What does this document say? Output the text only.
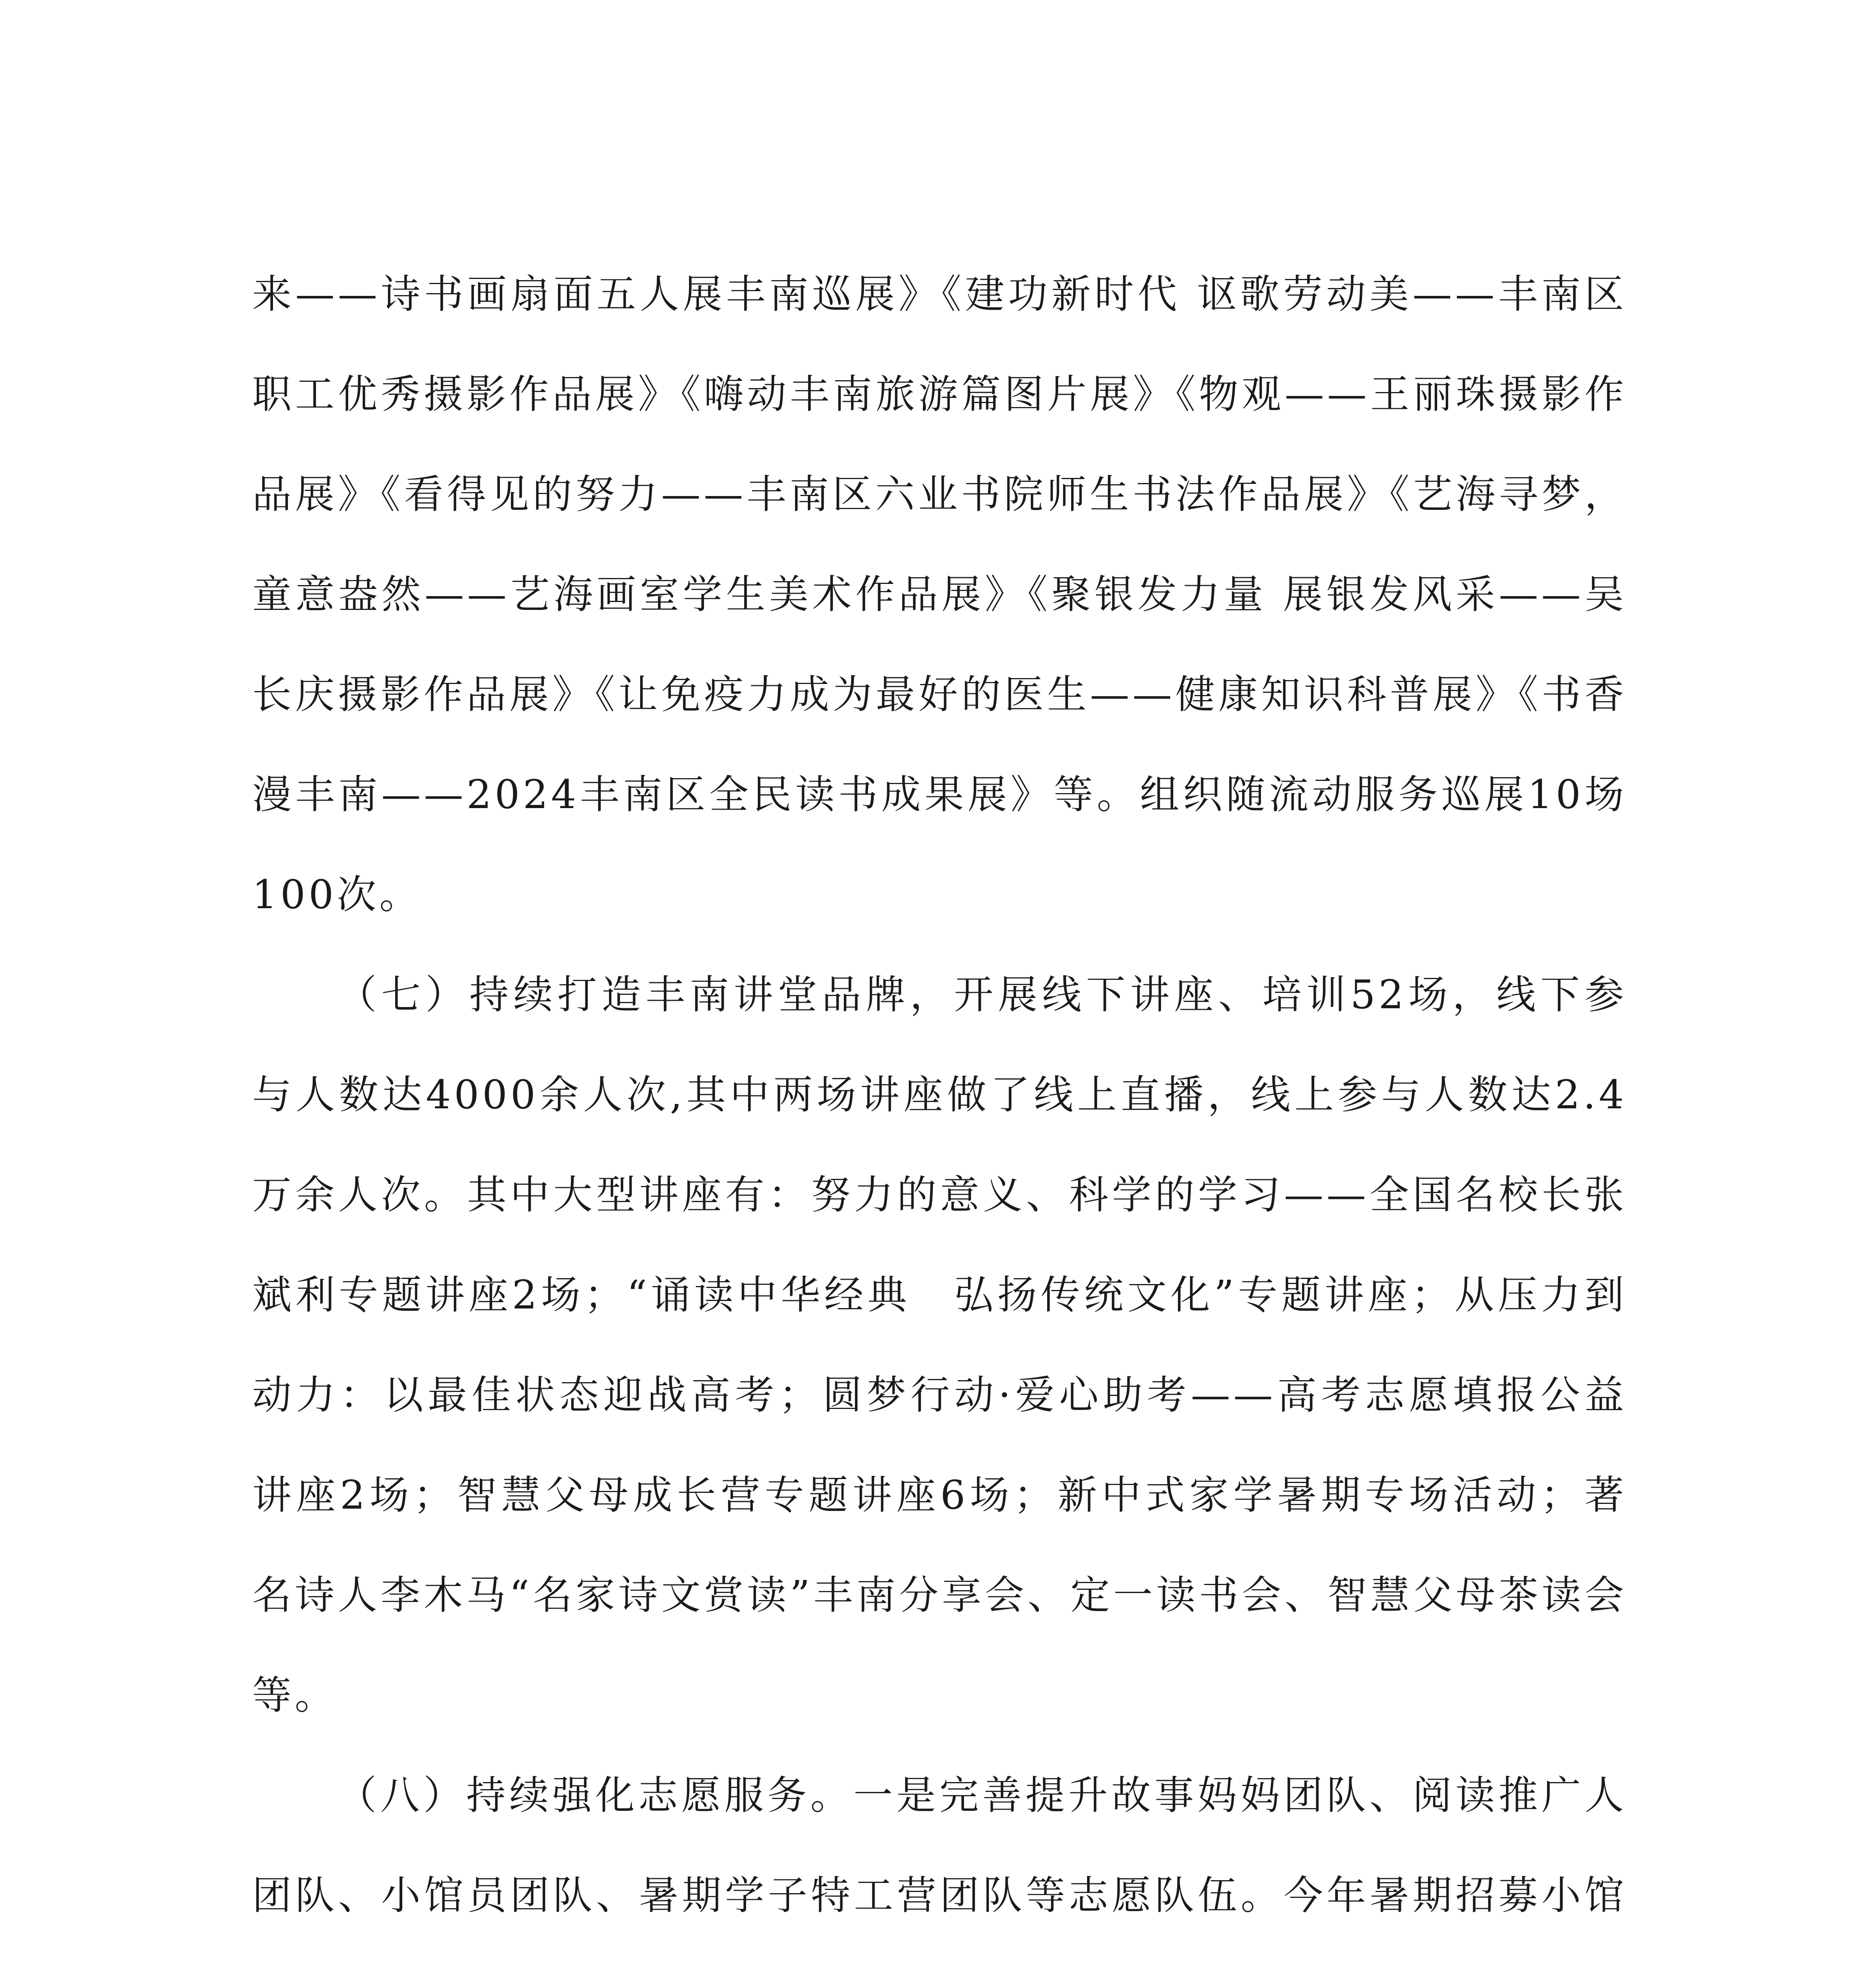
来——诗书画扇面五人展丰南巡展》《建功新时代 讴歌劳动美——丰南区职工优秀摄影作品展》《嗨动丰南旅游篇图片展》《物观——王丽珠摄影作品展》《看得见的努力——丰南区六业书院师生书法作品展》《艺海寻梦，童意盎然——艺海画室学生美术作品展》《聚银发力量 展银发风采——吴长庆摄影作品展》《让免疫力成为最好的医生——健康知识科普展》《书香漫丰南——2024丰南区全民读书成果展》等。组织随流动服务巡展10场100次。

（七）持续打造丰南讲堂品牌，开展线下讲座、培训52场，线下参与人数达4000余人次,其中两场讲座做了线上直播，线上参与人数达2.4万余人次。其中大型讲座有：努力的意义、科学的学习——全国名校长张斌利专题讲座2场；“诵读中华经典　弘扬传统文化”专题讲座；从压力到动力：以最佳状态迎战高考；圆梦行动·爱心助考——高考志愿填报公益讲座2场；智慧父母成长营专题讲座6场；新中式家学暑期专场活动；著名诗人李木马“名家诗文赏读”丰南分享会、定一读书会、智慧父母茶读会等。

（八）持续强化志愿服务。一是完善提升故事妈妈团队、阅读推广人团队、小馆员团队、暑期学子特工营团队等志愿队伍。今年暑期招募小馆
